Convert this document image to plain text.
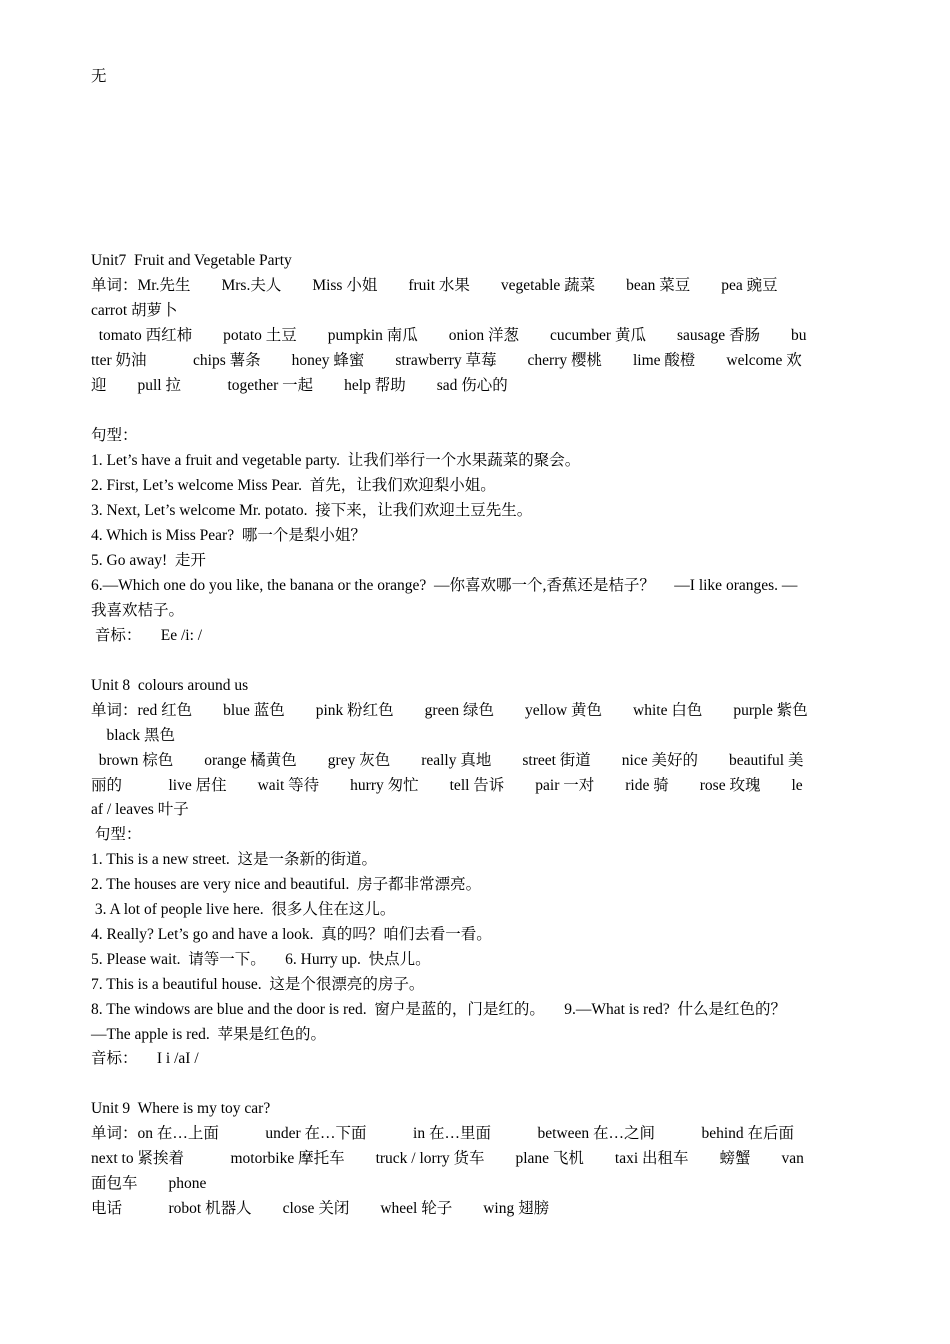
无

Unit7  Fruit and Vegetable Party

单词：Mr.先生        Mrs.夫人        Miss 小姐        fruit 水果        vegetable 蔬菜        bean 菜豆        pea 豌豆

carrot 胡萝卜

tomato 西红柿        potato 土豆        pumpkin 南瓜        onion 洋葱        cucumber 黄瓜        sausage 香肠        bu

tter 奶油            chips 薯条        honey 蜂蜜        strawberry 草莓        cherry 樱桃        lime 酸橙        welcome 欢

迎        pull 拉            together 一起        help 帮助        sad 伤心的

句型：

1. Let’s have a fruit and vegetable party.  让我们举行一个水果蔬菜的聚会。

2. First, Let’s welcome Miss Pear.  首先，让我们欢迎梨小姐。

3. Next, Let’s welcome Mr. potato.  接下来，让我们欢迎土豆先生。

4. Which is Miss Pear?  哪一个是梨小姐？

5. Go away!  走开

6.—Which one do you like, the banana or the orange?  —你喜欢哪一个,香蕉还是桔子？     —I like oranges. —

我喜欢桔子。

音标：     Ee /i: /

Unit 8  colours around us

单词：red 红色        blue 蓝色        pink 粉红色        green 绿色        yellow 黄色        white 白色        purple 紫色

black 黑色

brown 棕色        orange 橘黄色        grey 灰色        really 真地        street 街道        nice 美好的        beautiful 美

丽的            live 居住        wait 等待        hurry 匆忙        tell 告诉        pair 一对        ride 骑        rose 玫瑰        le

af / leaves 叶子

句型：

1. This is a new street.  这是一条新的街道。

2. The houses are very nice and beautiful.  房子都非常漂亮。

3. A lot of people live here.  很多人住在这儿。

4. Really? Let’s go and have a look.  真的吗？咱们去看一看。

5. Please wait.  请等一下。     6. Hurry up.  快点儿。

7. This is a beautiful house.  这是个很漂亮的房子。

8. The windows are blue and the door is red.  窗户是蓝的，门是红的。     9.—What is red?  什么是红色的？

—The apple is red.  苹果是红色的。

音标：     I i /aI /

Unit 9  Where is my toy car?

单词：on 在…上面            under 在…下面            in 在…里面            between 在…之间            behind 在后面

next to 紧挨着            motorbike 摩托车        truck / lorry 货车        plane 飞机        taxi 出租车        螃蟹        van

面包车        phone

电话            robot 机器人        close 关闭        wheel 轮子        wing 翅膀
